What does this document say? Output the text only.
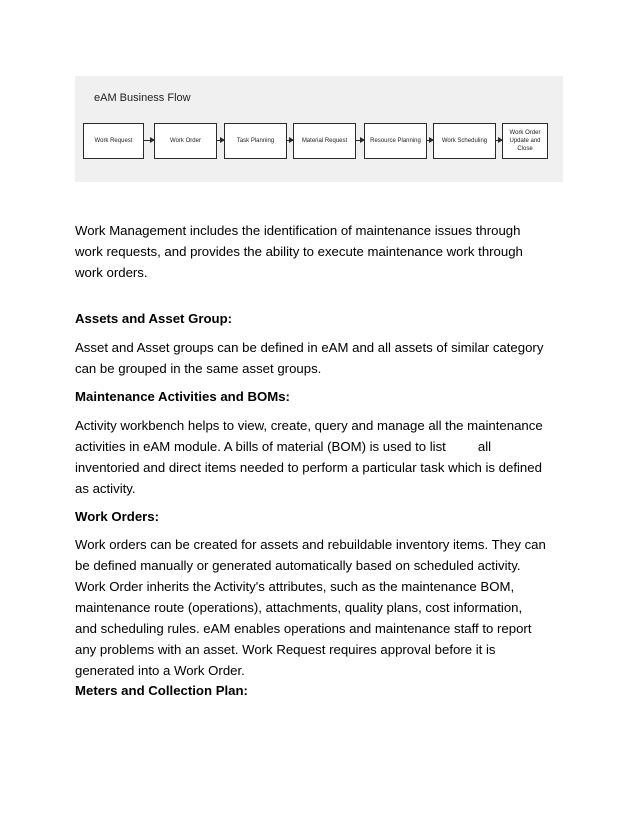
eAM Business Flow
Work Request	Work Order	Task Planning	Material Request	Resource Planning	Work Scheduling
Work Order Update and Close
Work Management includes the identification of maintenance issues through
work requests, and provides the ability to execute maintenance work through
work orders.
Assets and Asset Group:
Asset and Asset groups can be defined in eAM and all assets of similar category
can be grouped in the same asset groups.
Maintenance Activities and BOMs:
Activity workbench helps to view, create, query and manage all the maintenance
activities in eAM module. A bills of material (BOM) is used to list all
inventoried and direct items needed to perform a particular task which is defined
as activity.
Work Orders:
Work orders can be created for assets and rebuildable inventory items. They can
be defined manually or generated automatically based on scheduled activity.
Work Order inherits the Activity's attributes, such as the maintenance BOM,
maintenance route (operations), attachments, quality plans, cost information,
and scheduling rules. eAM enables operations and maintenance staff to report
any problems with an asset. Work Request requires approval before it is
generated into a Work Order.
Meters and Collection Plan:
